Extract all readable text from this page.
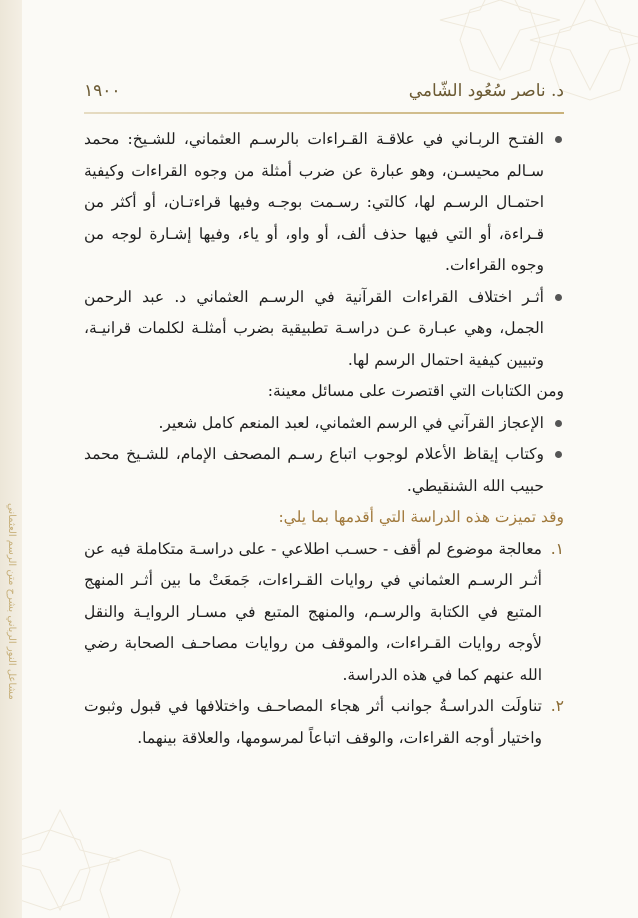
مشاعل النور الرباني بشرح متن الرسم العثماني
د. ناصر سُعُود الشّامي
١٩٠٠

الفتـح الربـاني في علاقـة القـراءات بالرسـم العثماني، للشـيخ: محمد سـالم محيسـن، وهو عبارة عن ضرب أمثلة من وجوه القراءات وكيفية احتمـال الرسـم لها، كالتي: رسـمت بوجـه وفيها قراءتـان، أو أكثر من قـراءة، أو التي فيها حذف ألف، أو واو، أو ياء، وفيها إشـارة لوجه من وجوه القراءات.

أثـر اختلاف القراءات القرآنية في الرسـم العثماني د. عبد الرحمن الجمل، وهي عبـارة عـن دراسـة تطبيقية بضرب أمثلـة لكلمات قرانيـة، وتبيين كيفية احتمال الرسم لها.

ومن الكتابات التي اقتصرت على مسائل معينة:

الإعجاز القرآني في الرسم العثماني، لعبد المنعم كامل شعير.

وكتاب إيقاظ الأعلام لوجوب اتباع رسـم المصحف الإمام، للشـيخ محمد حبيب الله الشنقيطي.

وقد تميزت هذه الدراسة التي أقدمها بما يلي:

١.
معالجة موضوع لم أقف - حسـب اطلاعي - على دراسـة متكاملة فيه عن أثـر الرسـم العثماني في روايات القـراءات، جَمعَتْ ما بين أثـر المنهج المتبع في الكتابة والرسـم، والمنهج المتبع في مسـار الروايـة والنقل لأوجه روايات القـراءات، والموقف من روايات مصاحـف الصحابة رضي الله عنهم كما في هذه الدراسة.

٢.
تناولَت الدراسـةُ جوانب أثر هجاء المصاحـف واختلافها في قبول وثبوت واختيار أوجه القراءات، والوقف اتباعاً لمرسومها، والعلاقة بينهما.
